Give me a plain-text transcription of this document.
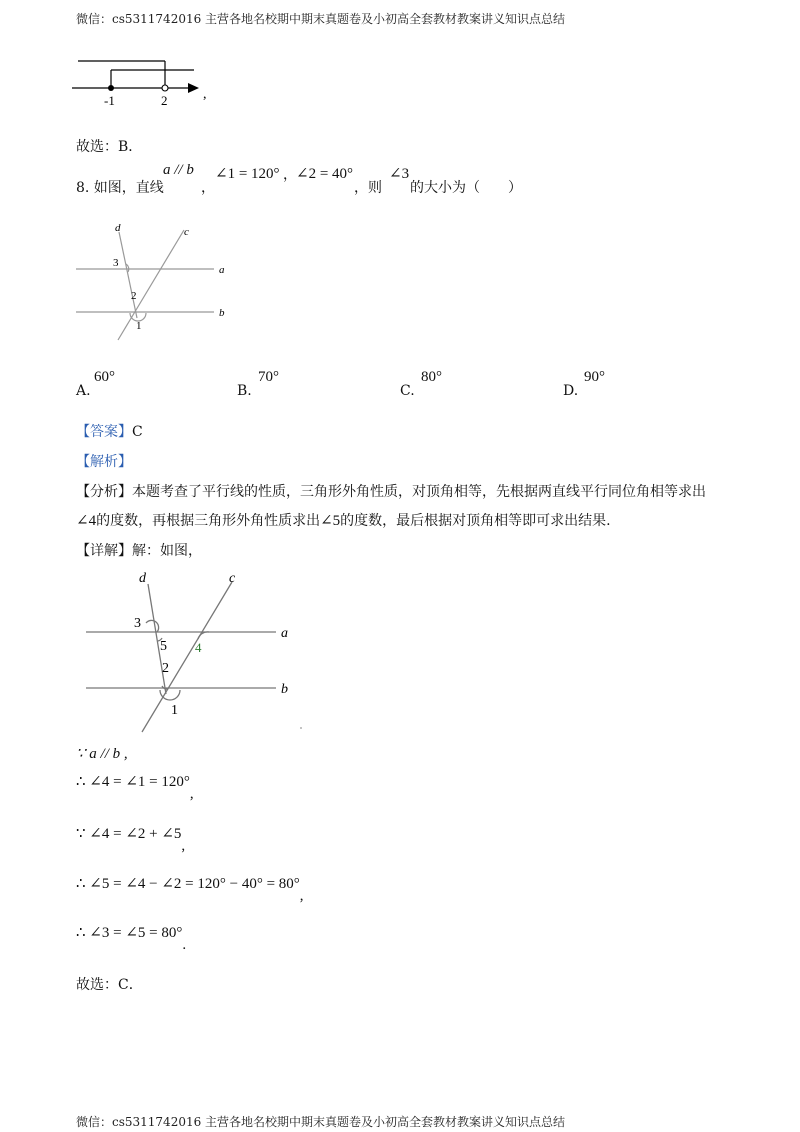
微信：cs5311742016 主营各地名校期中期末真题卷及小初高全套教材教案讲义知识点总结
-1	2	,
故选：B．
8. 如图，直线
a // b
，
∠1 = 120° ， ∠2 = 40°
，则
∠3
的大小为（　　）
d	c
a
b
3
2
1
A.
60°
B.
70°
C.
80°
D.
90°
【答案】C
【解析】
【分析】本题考查了平行线的性质，三角形外角性质，对顶角相等，先根据两直线平行同位角相等求出
∠4的度数，再根据三角形外角性质求出∠5的度数，最后根据对顶角相等即可求出结果.
【详解】解：如图，
d	c
a
b
3
5 4
2
1
∵ a // b ,
∴ ∠4 = ∠1 = 120°,
∵ ∠4 = ∠2 + ∠5,
∴ ∠5 = ∠4 − ∠2 = 120° − 40° = 80°,
∴ ∠3 = ∠5 = 80°.
故选：C．
微信：cs5311742016 主营各地名校期中期末真题卷及小初高全套教材教案讲义知识点总结
